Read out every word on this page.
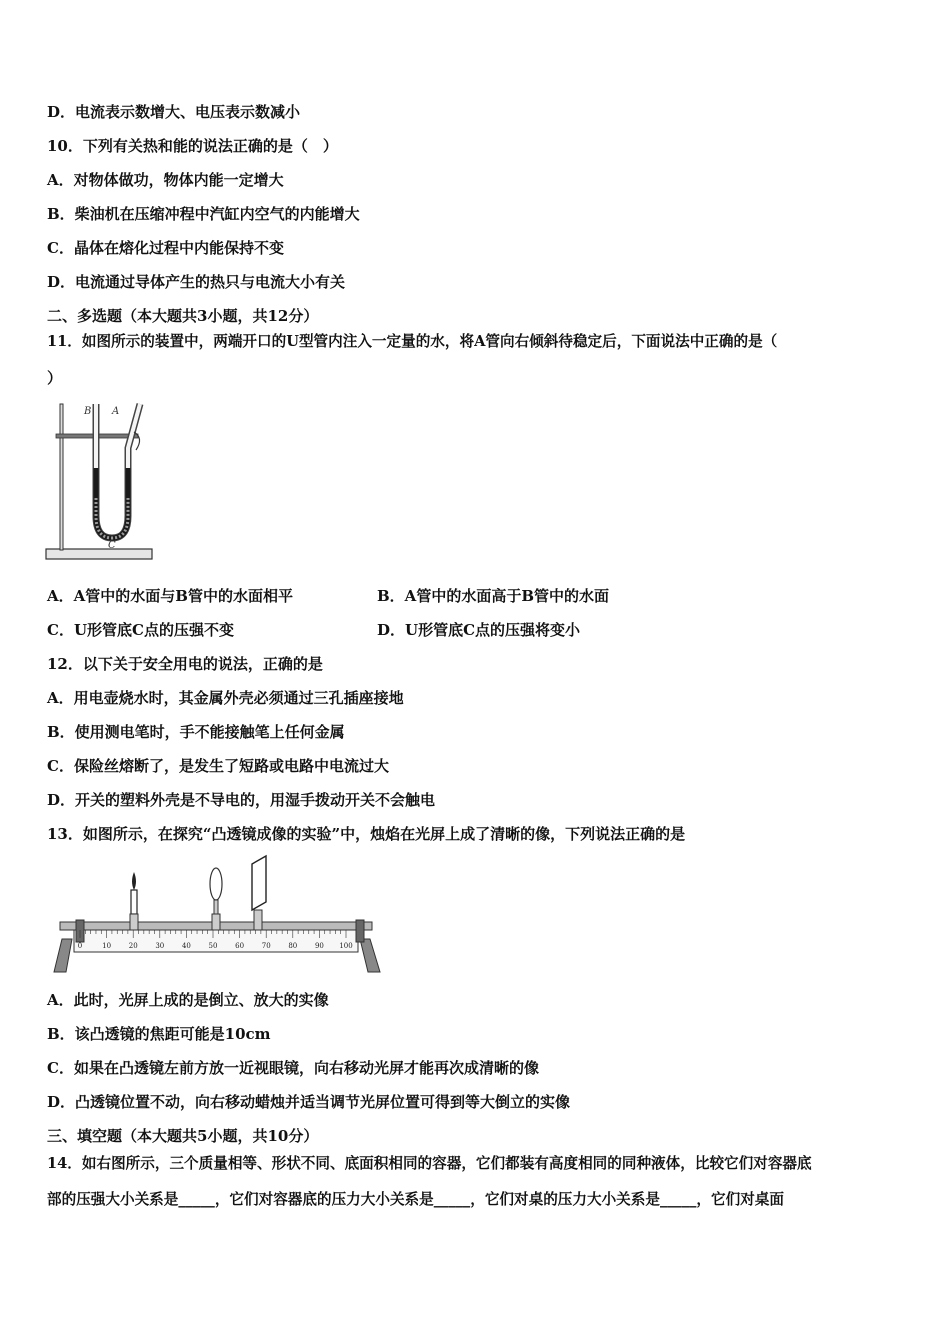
D．电流表示数增大、电压表示数减小
10．下列有关热和能的说法正确的是（　）
A．对物体做功，物体内能一定增大
B．柴油机在压缩冲程中汽缸内空气的内能增大
C．晶体在熔化过程中内能保持不变
D．电流通过导体产生的热只与电流大小有关
二、多选题（本大题共3小题，共12分）
11．如图所示的装置中，两端开口的U型管内注入一定量的水，将A管向右倾斜待稳定后，下面说法中正确的是（
）
B A
C
A．A管中的水面与B管中的水面相平	B．A管中的水面高于B管中的水面
C．U形管底C点的压强不变	D．U形管底C点的压强将变小
12．以下关于安全用电的说法，正确的是
A．用电壶烧水时，其金属外壳必须通过三孔插座接地
B．使用测电笔时，手不能接触笔上任何金属
C．保险丝熔断了，是发生了短路或电路中电流过大
D．开关的塑料外壳是不导电的，用湿手拨动开关不会触电
13．如图所示，在探究“凸透镜成像的实验”中，烛焰在光屏上成了清晰的像，下列说法正确的是
0	10	20	30	40	50	60	70	80	90 100
A．此时，光屏上成的是倒立、放大的实像
B．该凸透镜的焦距可能是10cm
C．如果在凸透镜左前方放一近视眼镜，向右移动光屏才能再次成清晰的像
D．凸透镜位置不动，向右移动蜡烛并适当调节光屏位置可得到等大倒立的实像
三、填空题（本大题共5小题，共10分）
14．如右图所示，三个质量相等、形状不同、底面积相同的容器，它们都装有高度相同的同种液体，比较它们对容器底
部的压强大小关系是_____，它们对容器底的压力大小关系是_____，它们对桌的压力大小关系是_____，它们对桌面
